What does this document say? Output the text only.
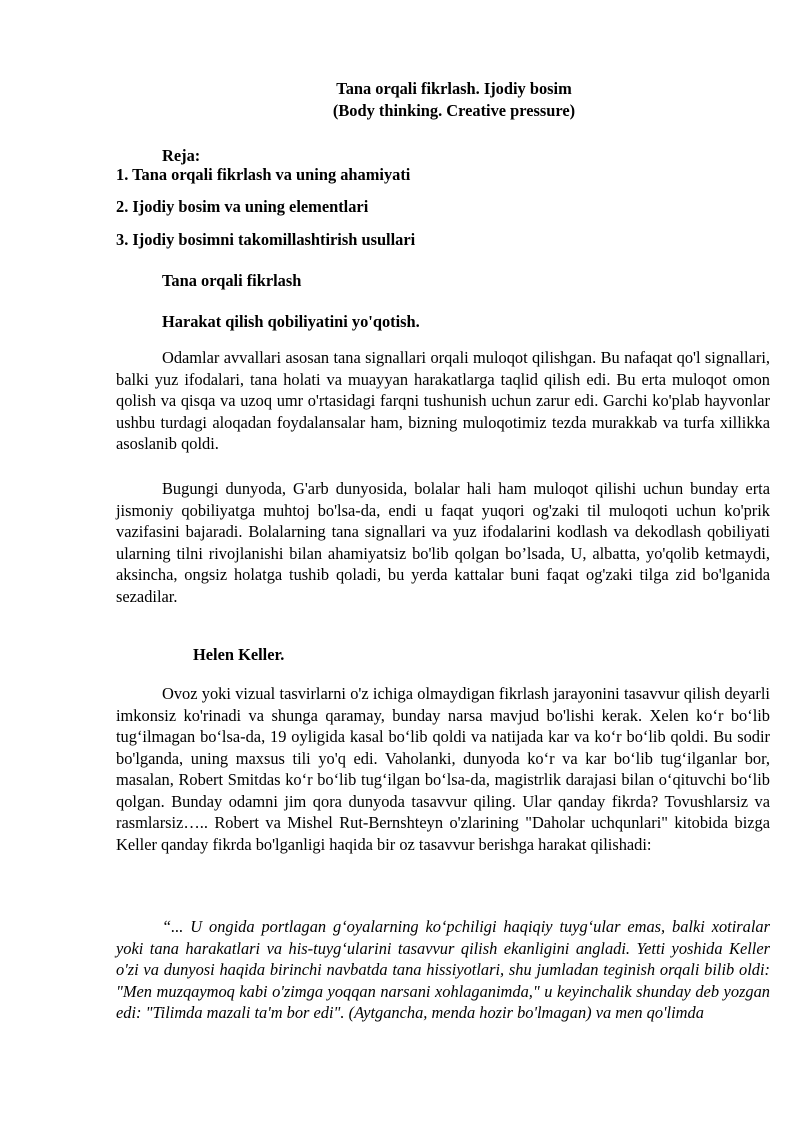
Tana orqali fikrlash. Ijodiy bosim
(Body thinking. Creative pressure)
Reja:
1. Tana orqali fikrlash va uning ahamiyati
2. Ijodiy bosim va uning elementlari
3. Ijodiy bosimni takomillashtirish usullari
Tana orqali fikrlash
Harakat qilish qobiliyatini yo'qotish.
Odamlar avvallari asosan tana signallari orqali muloqot qilishgan. Bu nafaqat qo'l signallari, balki yuz ifodalari, tana holati va muayyan harakatlarga taqlid qilish edi. Bu erta muloqot omon qolish va qisqa va uzoq umr o'rtasidagi farqni tushunish uchun zarur edi. Garchi ko'plab hayvonlar ushbu turdagi aloqadan foydalansalar ham, bizning muloqotimiz tezda murakkab va turfa xillikka asoslanib qoldi.
Bugungi dunyoda, G'arb dunyosida, bolalar hali ham muloqot qilishi uchun bunday erta jismoniy qobiliyatga muhtoj bo'lsa-da, endi u faqat yuqori og'zaki til muloqoti uchun ko'prik vazifasini bajaradi. Bolalarning tana signallari va yuz ifodalarini kodlash va dekodlash qobiliyati ularning tilni rivojlanishi bilan ahamiyatsiz bo'lib qolgan bo’lsada, U, albatta, yo'qolib ketmaydi, aksincha, ongsiz holatga tushib qoladi, bu yerda kattalar buni faqat og'zaki tilga zid bo'lganida sezadilar.
Helen Keller.
Ovoz yoki vizual tasvirlarni o'z ichiga olmaydigan fikrlash jarayonini tasavvur qilish deyarli imkonsiz ko'rinadi va shunga qaramay, bunday narsa mavjud bo'lishi kerak. Xelen ko‘r bo‘lib tug‘ilmagan bo‘lsa-da, 19 oyligida kasal bo‘lib qoldi va natijada kar va ko‘r bo‘lib qoldi. Bu sodir bo'lganda, uning maxsus tili yo'q edi. Vaholanki, dunyoda ko‘r va kar bo‘lib tug‘ilganlar bor, masalan, Robert Smitdas ko‘r bo‘lib tug‘ilgan bo‘lsa-da, magistrlik darajasi bilan o‘qituvchi bo‘lib qolgan. Bunday odamni jim qora dunyoda tasavvur qiling. Ular qanday fikrda? Tovushlarsiz va rasmlarsiz….. Robert va Mishel Rut-Bernshteyn o'zlarining "Daholar uchqunlari" kitobida bizga Keller qanday fikrda bo'lganligi haqida bir oz tasavvur berishga harakat qilishadi:
“... U ongida portlagan g‘oyalarning ko‘pchiligi haqiqiy tuyg‘ular emas, balki xotiralar yoki tana harakatlari va his-tuyg‘ularini tasavvur qilish ekanligini angladi. Yetti yoshida Keller o'zi va dunyosi haqida birinchi navbatda tana hissiyotlari, shu jumladan teginish orqali bilib oldi: "Men muzqaymoq kabi o'zimga yoqqan narsani xohlaganimda," u keyinchalik shunday deb yozgan edi: "Tilimda mazali ta'm bor edi". (Aytgancha, menda hozir bo'lmagan) va men qo'limda
